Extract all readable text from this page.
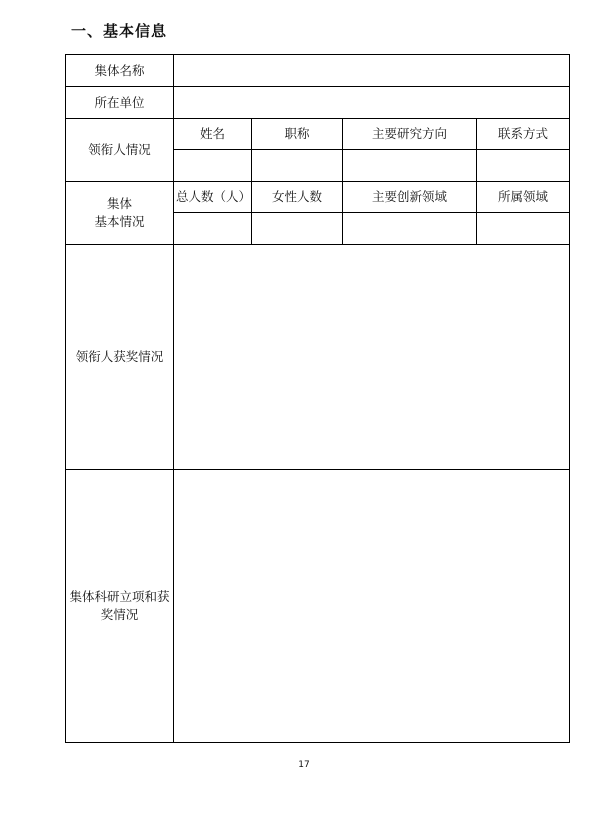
一、基本信息
集体名称				
所在单位				
领衔人情况	姓名	职称	主要研究方向	联系方式

集体
基本情况	总人数（人）	女性人数	主要创新领域	所属领域

领衔人获奖情况				

集体科研立项和获
奖情况				

17
